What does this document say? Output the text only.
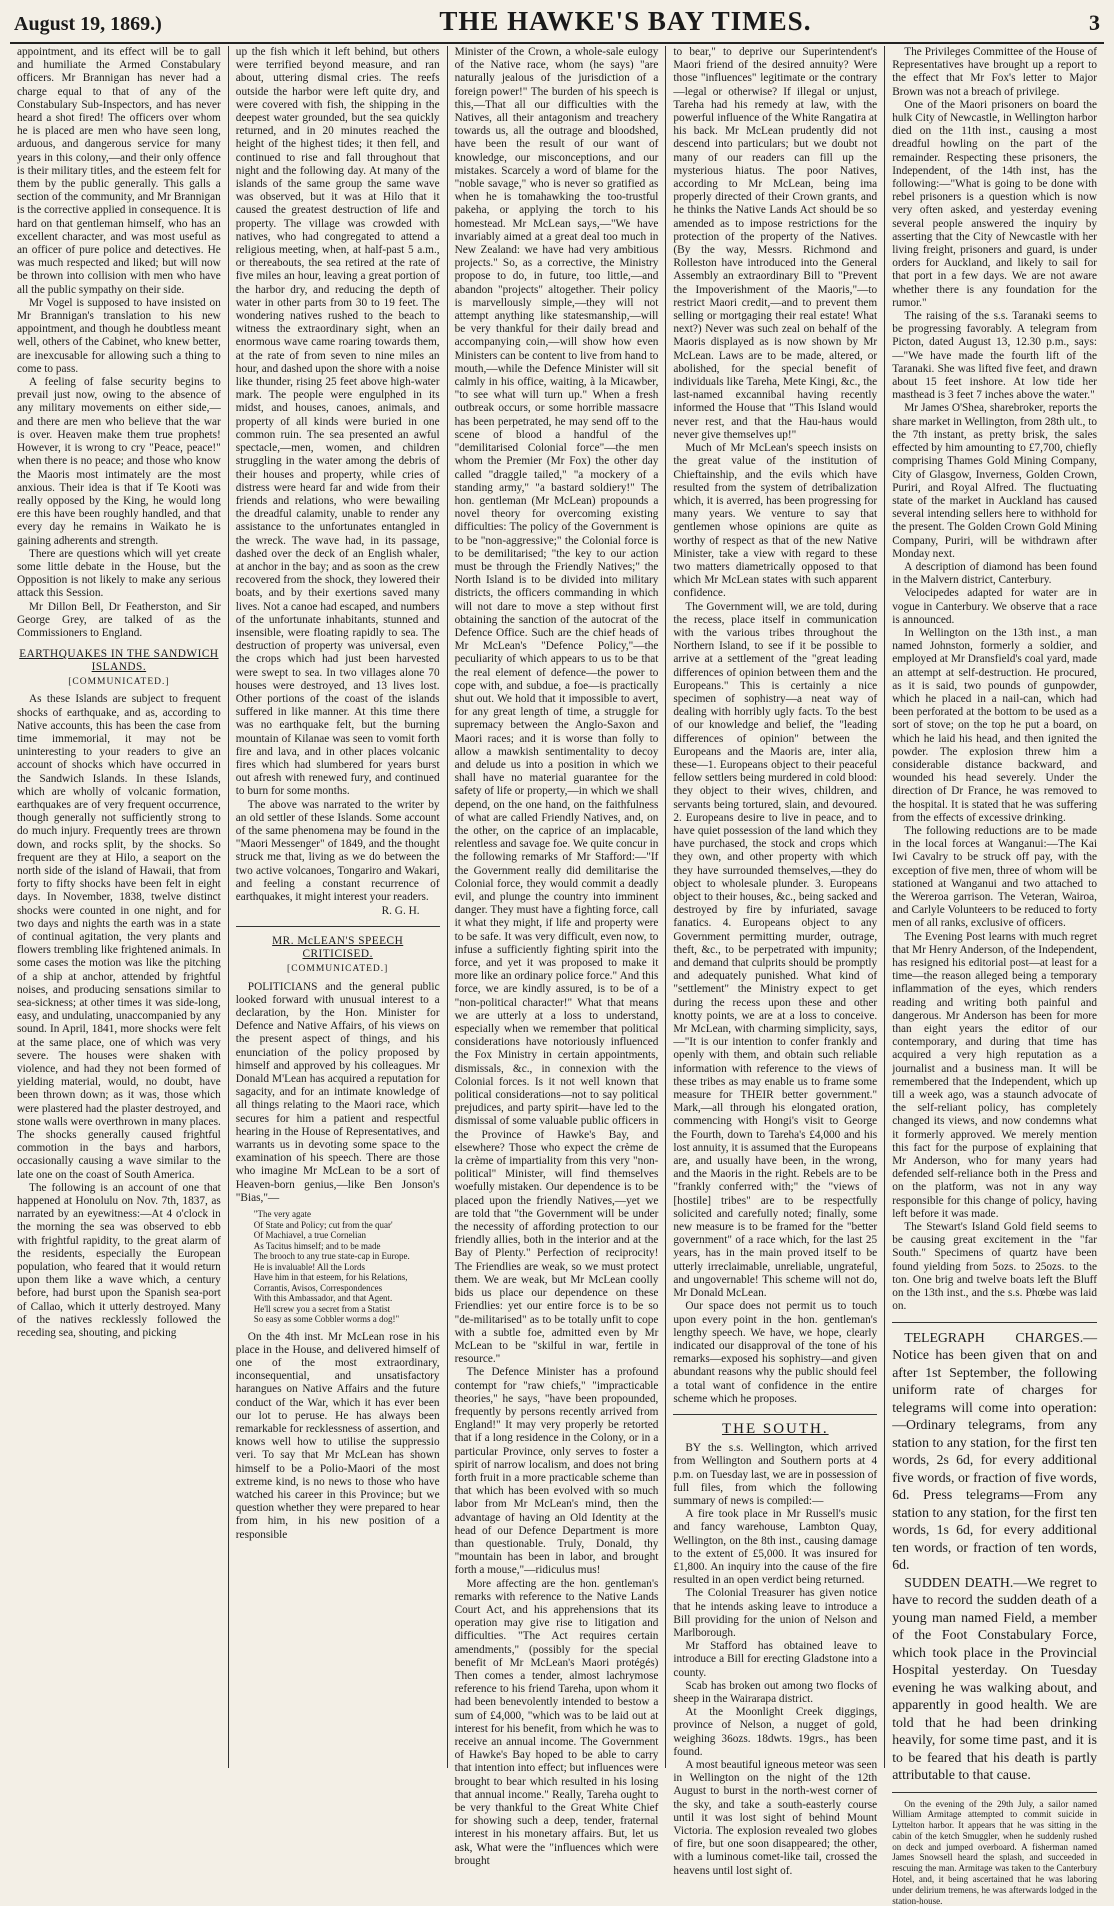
August 19, 1869.)	THE HAWKE'S BAY TIMES.	3

appointment, and its effect will be to gall and humiliate the Armed Constabulary officers. Mr Brannigan has never had a charge equal to that of any of the Constabulary Sub-Inspectors, and has never heard a shot fired! The officers over whom he is placed are men who have seen long, arduous, and dangerous service for many years in this colony,—and their only offence is their military titles, and the esteem felt for them by the public generally. This galls a section of the community, and Mr Brannigan is the corrective applied in consequence. It is hard on that gentleman himself, who has an excellent character, and was most useful as an officer of pure police and detectives. He was much respected and liked; but will now be thrown into collision with men who have all the public sympathy on their side.

Mr Vogel is supposed to have insisted on Mr Brannigan's translation to his new appointment, and though he doubtless meant well, others of the Cabinet, who knew better, are inexcusable for allowing such a thing to come to pass.

A feeling of false security begins to prevail just now, owing to the absence of any military movements on either side,—and there are men who believe that the war is over. Heaven make them true prophets! However, it is wrong to cry "Peace, peace!" when there is no peace; and those who know the Maoris most intimately are the most anxious. Their idea is that if Te Kooti was really opposed by the King, he would long ere this have been roughly handled, and that every day he remains in Waikato he is gaining adherents and strength.

There are questions which will yet create some little debate in the House, but the Opposition is not likely to make any serious attack this Session.

Mr Dillon Bell, Dr Featherston, and Sir George Grey, are talked of as the Commissioners to England.

EARTHQUAKES IN THE SANDWICH ISLANDS.
[COMMUNICATED.]

As these Islands are subject to frequent shocks of earthquake, and as, according to Native accounts, this has been the case from time immemorial, it may not be uninteresting to your readers to give an account of shocks which have occurred in the Sandwich Islands. In these Islands, which are wholly of volcanic formation, earthquakes are of very frequent occurrence, though generally not sufficiently strong to do much injury. Frequently trees are thrown down, and rocks split, by the shocks. So frequent are they at Hilo, a seaport on the north side of the island of Hawaii, that from forty to fifty shocks have been felt in eight days. In November, 1838, twelve distinct shocks were counted in one night, and for two days and nights the earth was in a state of continual agitation, the very plants and flowers trembling like frightened animals. In some cases the motion was like the pitching of a ship at anchor, attended by frightful noises, and producing sensations similar to sea-sickness; at other times it was side-long, easy, and undulating, unaccompanied by any sound. In April, 1841, more shocks were felt at the same place, one of which was very severe. The houses were shaken with violence, and had they not been formed of yielding material, would, no doubt, have been thrown down; as it was, those which were plastered had the plaster destroyed, and stone walls were overthrown in many places. The shocks generally caused frightful commotion in the bays and harbors, occasionally causing a wave similar to the late one on the coast of South America.

The following is an account of one that happened at Honolulu on Nov. 7th, 1837, as narrated by an eyewitness:—At 4 o'clock in the morning the sea was observed to ebb with frightful rapidity, to the great alarm of the residents, especially the European population, who feared that it would return upon them like a wave which, a century before, had burst upon the Spanish sea-port of Callao, which it utterly destroyed. Many of the natives recklessly followed the receding sea, shouting, and picking

up the fish which it left behind, but others were terrified beyond measure, and ran about, uttering dismal cries. The reefs outside the harbor were left quite dry, and were covered with fish, the shipping in the deepest water grounded, but the sea quickly returned, and in 20 minutes reached the height of the highest tides; it then fell, and continued to rise and fall throughout that night and the following day. At many of the islands of the same group the same wave was observed, but it was at Hilo that it caused the greatest destruction of life and property. The village was crowded with natives, who had congregated to attend a religious meeting, when, at half-past 5 a.m., or thereabouts, the sea retired at the rate of five miles an hour, leaving a great portion of the harbor dry, and reducing the depth of water in other parts from 30 to 19 feet. The wondering natives rushed to the beach to witness the extraordinary sight, when an enormous wave came roaring towards them, at the rate of from seven to nine miles an hour, and dashed upon the shore with a noise like thunder, rising 25 feet above high-water mark. The people were engulphed in its midst, and houses, canoes, animals, and property of all kinds were buried in one common ruin. The sea presented an awful spectacle,—men, women, and children struggling in the water among the debris of their houses and property, while cries of distress were heard far and wide from their friends and relations, who were bewailing the dreadful calamity, unable to render any assistance to the unfortunates entangled in the wreck. The wave had, in its passage, dashed over the deck of an English whaler, at anchor in the bay; and as soon as the crew recovered from the shock, they lowered their boats, and by their exertions saved many lives. Not a canoe had escaped, and numbers of the unfortunate inhabitants, stunned and insensible, were floating rapidly to sea. The destruction of property was universal, even the crops which had just been harvested were swept to sea. In two villages alone 70 houses were destroyed, and 13 lives lost. Other portions of the coast of the islands suffered in like manner. At this time there was no earthquake felt, but the burning mountain of Kilanae was seen to vomit forth fire and lava, and in other places volcanic fires which had slumbered for years burst out afresh with renewed fury, and continued to burn for some months.

The above was narrated to the writer by an old settler of these Islands. Some account of the same phenomena may be found in the "Maori Messenger" of 1849, and the thought struck me that, living as we do between the two active volcanoes, Tongariro and Wakari, and feeling a constant recurrence of earthquakes, it might interest your readers.

R. G. H.
MR. McLEAN'S SPEECH CRITICISED.
[COMMUNICATED.]

POLITICIANS and the general public looked forward with unusual interest to a declaration, by the Hon. Minister for Defence and Native Affairs, of his views on the present aspect of things, and his enunciation of the policy proposed by himself and approved by his colleagues. Mr Donald M'Lean has acquired a reputation for sagacity, and for an intimate knowledge of all things relating to the Maori race, which secures for him a patient and respectful hearing in the House of Representatives, and warrants us in devoting some space to the examination of his speech. There are those who imagine Mr McLean to be a sort of Heaven-born genius,—like Ben Jonson's "Bias,"—

"The very agate
Of State and Policy; cut from the quar'
Of Machiavel, a true Cornelian
As Tacitus himself; and to be made
The brooch to any true state-cap in Europe.
He is invaluable! All the Lords
Have him in that esteem, for his Relations,
Corrantis, Avisos, Correspondences
With this Ambassador, and that Agent.
He'll screw you a secret from a Statist
So easy as some Cobbler worms a dog!"

On the 4th inst. Mr McLean rose in his place in the House, and delivered himself of one of the most extraordinary, inconsequential, and unsatisfactory harangues on Native Affairs and the future conduct of the War, which it has ever been our lot to peruse. He has always been remarkable for recklessness of assertion, and knows well how to utilise the suppressio veri. To say that Mr McLean has shown himself to be a Polio-Maori of the most extreme kind, is no news to those who have watched his career in this Province; but we question whether they were prepared to hear from him, in his new position of a responsible

Minister of the Crown, a whole-sale eulogy of the Native race, whom (he says) "are naturally jealous of the jurisdiction of a foreign power!" The burden of his speech is this,—That all our difficulties with the Natives, all their antagonism and treachery towards us, all the outrage and bloodshed, have been the result of our want of knowledge, our misconceptions, and our mistakes. Scarcely a word of blame for the "noble savage," who is never so gratified as when he is tomahawking the too-trustful pakeha, or applying the torch to his homestead. Mr McLean says,—"We have invariably aimed at a great deal too much in New Zealand: we have had very ambitious projects." So, as a corrective, the Ministry propose to do, in future, too little,—and abandon "projects" altogether. Their policy is marvellously simple,—they will not attempt anything like statesmanship,—will be very thankful for their daily bread and accompanying coin,—will show how even Ministers can be content to live from hand to mouth,—while the Defence Minister will sit calmly in his office, waiting, à la Micawber, "to see what will turn up." When a fresh outbreak occurs, or some horrible massacre has been perpetrated, he may send off to the scene of blood a handful of the "demilitarised Colonial force"—the men whom the Premier (Mr Fox) the other day called "draggle tailed," "a mockery of a standing army," "a bastard soldiery!" The hon. gentleman (Mr McLean) propounds a novel theory for overcoming existing difficulties: The policy of the Government is to be "non-aggressive;" the Colonial force is to be demilitarised; "the key to our action must be through the Friendly Natives;" the North Island is to be divided into military districts, the officers commanding in which will not dare to move a step without first obtaining the sanction of the autocrat of the Defence Office. Such are the chief heads of Mr McLean's "Defence Policy,"—the peculiarity of which appears to us to be that the real element of defence—the power to cope with, and subdue, a foe—is practically shut out. We hold that it impossible to avert, for any great length of time, a struggle for supremacy between the Anglo-Saxon and Maori races; and it is worse than folly to allow a mawkish sentimentality to decoy and delude us into a position in which we shall have no material guarantee for the safety of life or property,—in which we shall depend, on the one hand, on the faithfulness of what are called Friendly Natives, and, on the other, on the caprice of an implacable, relentless and savage foe. We quite concur in the following remarks of Mr Stafford:—"If the Government really did demilitarise the Colonial force, they would commit a deadly evil, and plunge the country into imminent danger. They must have a fighting force, call it what they might, if life and property were to be safe. It was very difficult, even now, to infuse a sufficiently fighting spirit into the force, and yet it was proposed to make it more like an ordinary police force." And this force, we are kindly assured, is to be of a "non-political character!" What that means we are utterly at a loss to understand, especially when we remember that political considerations have notoriously influenced the Fox Ministry in certain appointments, dismissals, &c., in connexion with the Colonial forces. Is it not well known that political considerations—not to say political prejudices, and party spirit—have led to the dismissal of some valuable public officers in the Province of Hawke's Bay, and elsewhere? Those who expect the crème de la crème of impartiality from this very "non-political" Minister, will find themselves woefully mistaken. Our dependence is to be placed upon the friendly Natives,—yet we are told that "the Government will be under the necessity of affording protection to our friendly allies, both in the interior and at the Bay of Plenty." Perfection of reciprocity! The Friendlies are weak, so we must protect them. We are weak, but Mr McLean coolly bids us place our dependence on these Friendlies: yet our entire force is to be so "de-militarised" as to be totally unfit to cope with a subtle foe, admitted even by Mr McLean to be "skilful in war, fertile in resource."

The Defence Minister has a profound contempt for "raw chiefs," "impracticable theories," he says, "have been propounded, frequently by persons recently arrived from England!" It may very properly be retorted that if a long residence in the Colony, or in a particular Province, only serves to foster a spirit of narrow localism, and does not bring forth fruit in a more practicable scheme than that which has been evolved with so much labor from Mr McLean's mind, then the advantage of having an Old Identity at the head of our Defence Department is more than questionable. Truly, Donald, thy "mountain has been in labor, and brought forth a mouse,"—ridiculus mus!

More affecting are the hon. gentleman's remarks with reference to the Native Lands Court Act, and his apprehensions that its operation may give rise to litigation and difficulties. "The Act requires certain amendments," (possibly for the special benefit of Mr McLean's Maori protégés) Then comes a tender, almost lachrymose reference to his friend Tareha, upon whom it had been benevolently intended to bestow a sum of £4,000, "which was to be laid out at interest for his benefit, from which he was to receive an annual income. The Government of Hawke's Bay hoped to be able to carry that intention into effect; but influences were brought to bear which resulted in his losing that annual income." Really, Tareha ought to be very thankful to the Great White Chief for showing such a deep, tender, fraternal interest in his monetary affairs. But, let us ask, What were the "influences which were brought

to bear," to deprive our Superintendent's Maori friend of the desired annuity? Were those "influences" legitimate or the contrary—legal or otherwise? If illegal or unjust, Tareha had his remedy at law, with the powerful influence of the White Rangatira at his back. Mr McLean prudently did not descend into particulars; but we doubt not many of our readers can fill up the mysterious hiatus. The poor Natives, according to Mr McLean, being ima properly directed of their Crown grants, and he thinks the Native Lands Act should be so amended as to impose restrictions for the protection of the property of the Natives. (By the way, Messrs. Richmond and Rolleston have introduced into the General Assembly an extraordinary Bill to "Prevent the Impoverishment of the Maoris,"—to restrict Maori credit,—and to prevent them selling or mortgaging their real estate! What next?) Never was such zeal on behalf of the Maoris displayed as is now shown by Mr McLean. Laws are to be made, altered, or abolished, for the special benefit of individuals like Tareha, Mete Kingi, &c., the last-named excannibal having recently informed the House that "This Island would never rest, and that the Hau-haus would never give themselves up!"

Much of Mr McLean's speech insists on the great value of the institution of Chieftainship, and the evils which have resulted from the system of detribalization which, it is averred, has been progressing for many years. We venture to say that gentlemen whose opinions are quite as worthy of respect as that of the new Native Minister, take a view with regard to these two matters diametrically opposed to that which Mr McLean states with such apparent confidence.

The Government will, we are told, during the recess, place itself in communication with the various tribes throughout the Northern Island, to see if it be possible to arrive at a settlement of the "great leading differences of opinion between them and the Europeans." This is certainly a nice specimen of sophistry—a neat way of dealing with horribly ugly facts. To the best of our knowledge and belief, the "leading differences of opinion" between the Europeans and the Maoris are, inter alia, these—1. Europeans object to their peaceful fellow settlers being murdered in cold blood: they object to their wives, children, and servants being tortured, slain, and devoured. 2. Europeans desire to live in peace, and to have quiet possession of the land which they have purchased, the stock and crops which they own, and other property with which they have surrounded themselves,—they do object to wholesale plunder. 3. Europeans object to their houses, &c., being sacked and destroyed by fire by infuriated, savage fanatics. 4. Europeans object to any Government permitting murder, outrage, theft, &c., to be perpetrated with impunity; and demand that culprits should be promptly and adequately punished. What kind of "settlement" the Ministry expect to get during the recess upon these and other knotty points, we are at a loss to conceive. Mr McLean, with charming simplicity, says,—"It is our intention to confer frankly and openly with them, and obtain such reliable information with reference to the views of these tribes as may enable us to frame some measure for THEIR better government." Mark,—all through his elongated oration, commencing with Hongi's visit to George the Fourth, down to Tareha's £4,000 and his lost annuity, it is assumed that the Europeans are, and usually have been, in the wrong, and the Maoris in the right. Rebels are to be "frankly conferred with;" the "views of [hostile] tribes" are to be respectfully solicited and carefully noted; finally, some new measure is to be framed for the "better government" of a race which, for the last 25 years, has in the main proved itself to be utterly irreclaimable, unreliable, ungrateful, and ungovernable! This scheme will not do, Mr Donald McLean.

Our space does not permit us to touch upon every point in the hon. gentleman's lengthy speech. We have, we hope, clearly indicated our disapproval of the tone of his remarks—exposed his sophistry—and given abundant reasons why the public should feel a total want of confidence in the entire scheme which he proposes.

THE SOUTH.

BY the s.s. Wellington, which arrived from Wellington and Southern ports at 4 p.m. on Tuesday last, we are in possession of full files, from which the following summary of news is compiled:—

A fire took place in Mr Russell's music and fancy warehouse, Lambton Quay, Wellington, on the 8th inst., causing damage to the extent of £5,000. It was insured for £1,800. An inquiry into the cause of the fire resulted in an open verdict being returned.

The Colonial Treasurer has given notice that he intends asking leave to introduce a Bill providing for the union of Nelson and Marlborough.

Mr Stafford has obtained leave to introduce a Bill for erecting Gladstone into a county.

Scab has broken out among two flocks of sheep in the Wairarapa district.

At the Moonlight Creek diggings, province of Nelson, a nugget of gold, weighing 36ozs. 18dwts. 19grs., has been found.

A most beautiful igneous meteor was seen in Wellington on the night of the 12th August to burst in the north-west corner of the sky, and take a south-easterly course until it was lost sight of behind Mount Victoria. The explosion revealed two globes of fire, but one soon disappeared; the other, with a luminous comet-like tail, crossed the heavens until lost sight of.

The Privileges Committee of the House of Representatives have brought up a report to the effect that Mr Fox's letter to Major Brown was not a breach of privilege.

One of the Maori prisoners on board the hulk City of Newcastle, in Wellington harbor died on the 11th inst., causing a most dreadful howling on the part of the remainder. Respecting these prisoners, the Independent, of the 14th inst, has the following:—"What is going to be done with rebel prisoners is a question which is now very often asked, and yesterday evening several people answered the inquiry by asserting that the City of Newcastle with her living freight, prisoners and guard, is under orders for Auckland, and likely to sail for that port in a few days. We are not aware whether there is any foundation for the rumor."

The raising of the s.s. Taranaki seems to be progressing favorably. A telegram from Picton, dated August 13, 12.30 p.m., says:—"We have made the fourth lift of the Taranaki. She was lifted five feet, and drawn about 15 feet inshore. At low tide her masthead is 3 feet 7 inches above the water."

Mr James O'Shea, sharebroker, reports the share market in Wellington, from 28th ult., to the 7th instant, as pretty brisk, the sales effected by him amounting to £7,700, chiefly comprising Thames Gold Mining Company, City of Glasgow, Inverness, Golden Crown, Puriri, and Royal Alfred. The fluctuating state of the market in Auckland has caused several intending sellers here to withhold for the present. The Golden Crown Gold Mining Company, Puriri, will be withdrawn after Monday next.

A description of diamond has been found in the Malvern district, Canterbury.

Velocipedes adapted for water are in vogue in Canterbury. We observe that a race is announced.

In Wellington on the 13th inst., a man named Johnston, formerly a soldier, and employed at Mr Dransfield's coal yard, made an attempt at self-destruction. He procured, as it is said, two pounds of gunpowder, which he placed in a nail-can, which had been perforated at the bottom to be used as a sort of stove; on the top he put a board, on which he laid his head, and then ignited the powder. The explosion threw him a considerable distance backward, and wounded his head severely. Under the direction of Dr France, he was removed to the hospital. It is stated that he was suffering from the effects of excessive drinking.

The following reductions are to be made in the local forces at Wanganui:—The Kai Iwi Cavalry to be struck off pay, with the exception of five men, three of whom will be stationed at Wanganui and two attached to the Wereroa garrison. The Veteran, Wairoa, and Carlyle Volunteers to be reduced to forty men of all ranks, exclusive of officers.

The Evening Post learns with much regret that Mr Henry Anderson, of the Independent, has resigned his editorial post—at least for a time—the reason alleged being a temporary inflammation of the eyes, which renders reading and writing both painful and dangerous. Mr Anderson has been for more than eight years the editor of our contemporary, and during that time has acquired a very high reputation as a journalist and a business man. It will be remembered that the Independent, which up till a week ago, was a staunch advocate of the self-reliant policy, has completely changed its views, and now condemns what it formerly approved. We merely mention this fact for the purpose of explaining that Mr Anderson, who for many years had defended self-reliance both in the Press and on the platform, was not in any way responsible for this change of policy, having left before it was made.

The Stewart's Island Gold field seems to be causing great excitement in the "far South." Specimens of quartz have been found yielding from 5ozs. to 25ozs. to the ton. One brig and twelve boats left the Bluff on the 13th inst., and the s.s. Phœbe was laid on.

TELEGRAPH CHARGES.—Notice has been given that on and after 1st September, the following uniform rate of charges for telegrams will come into operation:—Ordinary telegrams, from any station to any station, for the first ten words, 2s 6d, for every additional five words, or fraction of five words, 6d. Press telegrams—From any station to any station, for the first ten words, 1s 6d, for every additional ten words, or fraction of ten words, 6d.

SUDDEN DEATH.—We regret to have to record the sudden death of a young man named Field, a member of the Foot Constabulary Force, which took place in the Provincial Hospital yesterday. On Tuesday evening he was walking about, and apparently in good health. We are told that he had been drinking heavily, for some time past, and it is to be feared that his death is partly attributable to that cause.

On the evening of the 29th July, a sailor named William Armitage attempted to commit suicide in Lyttelton harbor. It appears that he was sitting in the cabin of the ketch Smuggler, when he suddenly rushed on deck and jumped overboard. A fisherman named James Snowsell heard the splash, and succeeded in rescuing the man. Armitage was taken to the Canterbury Hotel, and, it being ascertained that he was laboring under delirium tremens, he was afterwards lodged in the station-house.
